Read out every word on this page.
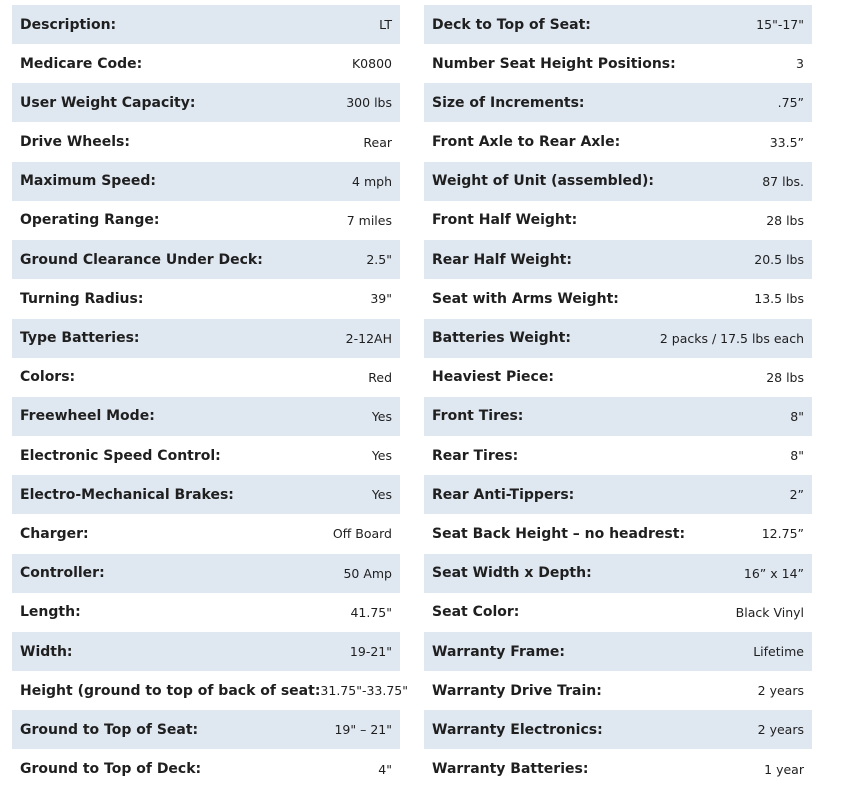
Description:	LT
Medicare Code:	K0800
User Weight Capacity:	300 lbs
Drive Wheels:	Rear
Maximum Speed:	4 mph
Operating Range:	7 miles
Ground Clearance Under Deck:	2.5"
Turning Radius:	39"
Type Batteries:	2-12AH
Colors:	Red
Freewheel Mode:	Yes
Electronic Speed Control:	Yes
Electro-Mechanical Brakes:	Yes
Charger:	Off Board
Controller:	50 Amp
Length:	41.75"
Width:	19-21"
Height (ground to top of back of seat: 31.75"-33.75"
Ground to Top of Seat:	19" – 21"
Ground to Top of Deck:	4"
Deck to Top of Seat:	15"-17"
Number Seat Height Positions:	3
Size of Increments:	.75”
Front Axle to Rear Axle:	33.5”
Weight of Unit (assembled):	87 lbs.
Front Half Weight:	28 lbs
Rear Half Weight:	20.5 lbs
Seat with Arms Weight:	13.5 lbs
Batteries Weight:	2 packs / 17.5 lbs each
Heaviest Piece:	28 lbs
Front Tires:	8"
Rear Tires:	8"
Rear Anti-Tippers:	2”
Seat Back Height – no headrest:	12.75”
Seat Width x Depth:	16” x 14”
Seat Color:	Black Vinyl
Warranty Frame:	Lifetime
Warranty Drive Train:	2 years
Warranty Electronics:	2 years
Warranty Batteries:	1 year
